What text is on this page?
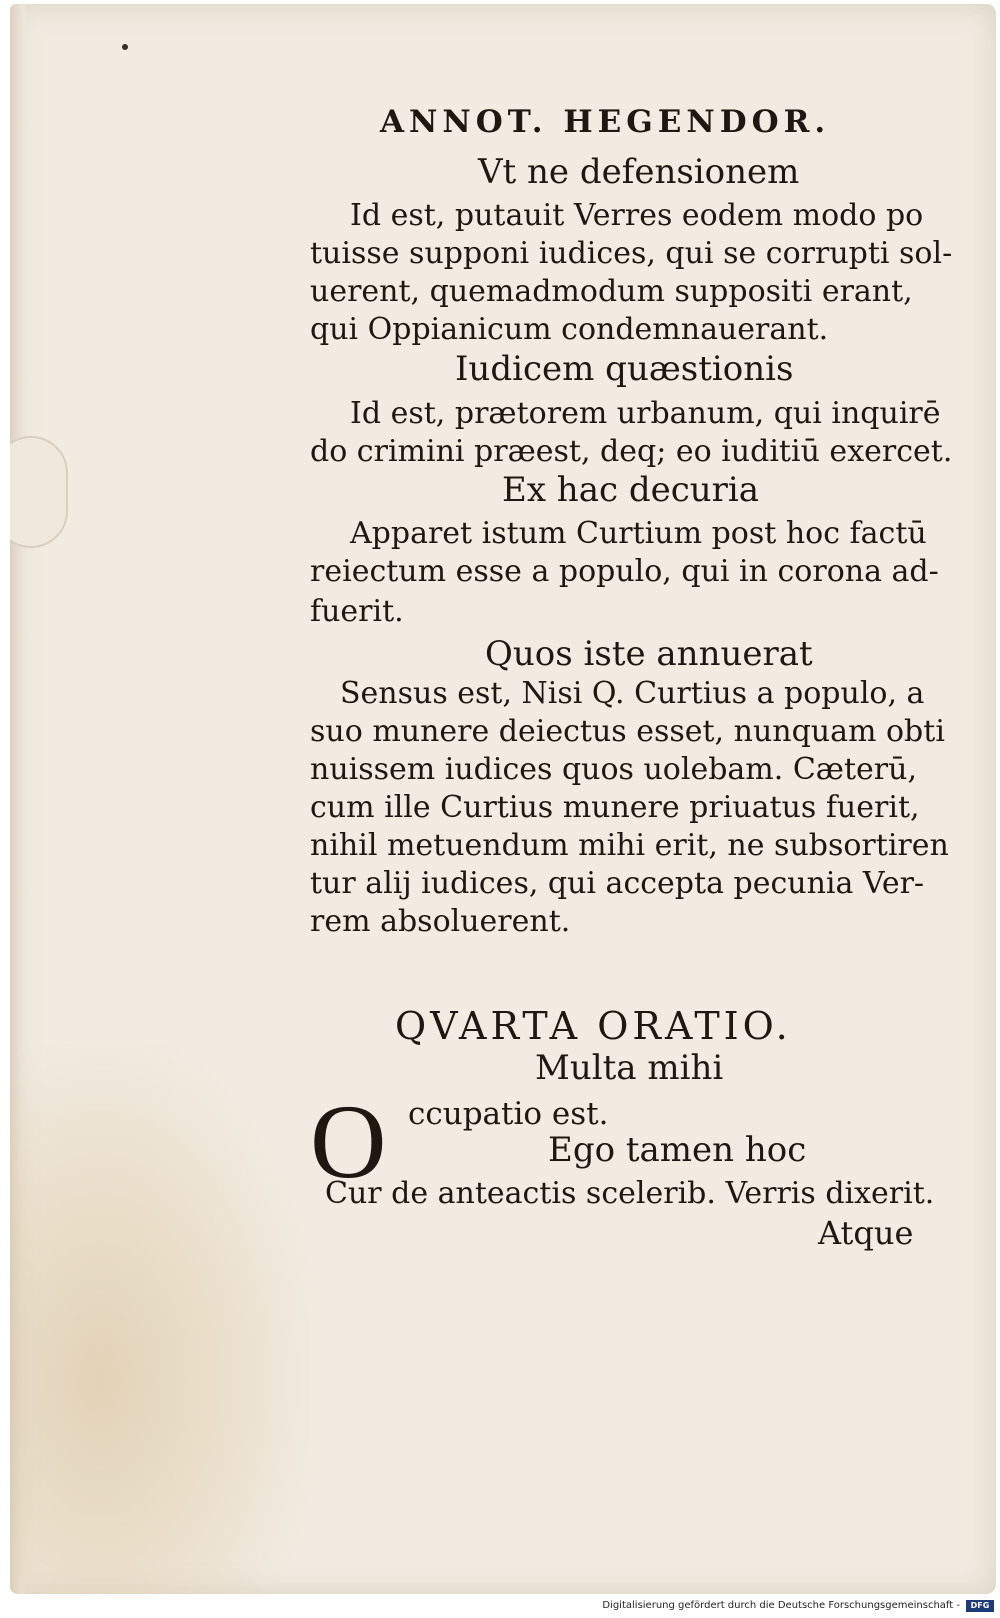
ANNOT. HEGENDOR.
Vt ne defensionem
Id est, putauit Verres eodem modo po
tuisse supponi iudices, qui se corrupti sol-
uerent, quemadmodum suppositi erant,
qui Oppianicum condemnauerant.
Iudicem quæstionis
Id est, prætorem urbanum, qui inquirē
do crimini præest, deq; eo iuditiū exercet.
Ex hac decuria
Apparet istum Curtium post hoc factū
reiectum esse a populo, qui in corona ad-
fuerit.
Quos iste annuerat
Sensus est, Nisi Q. Curtius a populo, a
suo munere deiectus esset, nunquam obti
nuissem iudices quos uolebam. Cæterū,
cum ille Curtius munere priuatus fuerit,
nihil metuendum mihi erit, ne subsortiren
tur alij iudices, qui accepta pecunia Ver-
rem absoluerent.
QVARTA ORATIO.
Multa mihi
O ccupatio est.
Ego tamen hoc
Cur de anteactis scelerib. Verris dixerit.
Atque
Digitalisierung gefördert durch die Deutsche Forschungsgemeinschaft -	DFG
